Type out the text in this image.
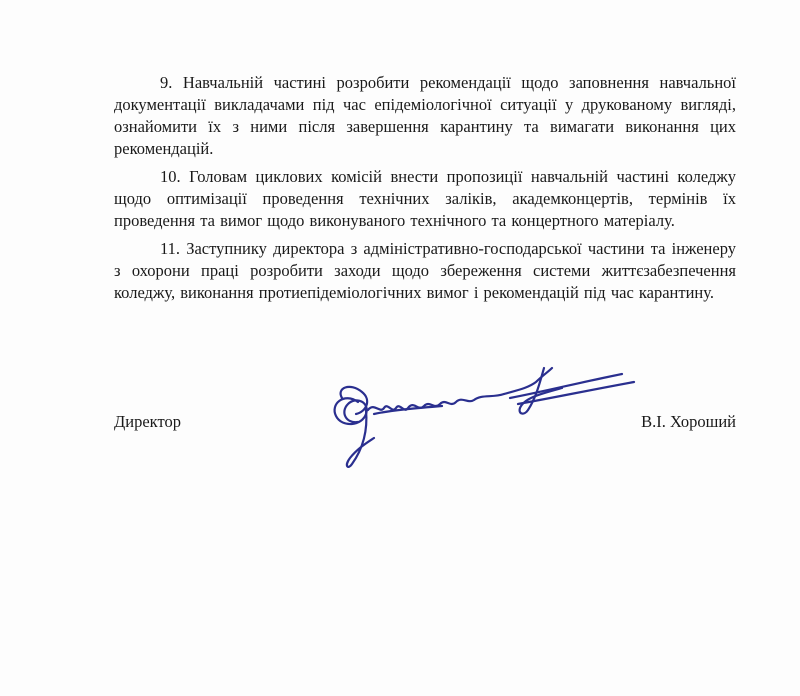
9. Навчальній частині розробити рекомендації щодо заповнення навчальної документації викладачами під час епідеміологічної ситуації у друкованому вигляді, ознайомити їх з ними після завершення карантину та вимагати виконання цих рекомендацій.

10. Головам циклових комісій внести пропозиції навчальній частині коледжу щодо оптимізації проведення технічних заліків, академконцертів, термінів їх проведення та вимог щодо виконуваного технічного та концертного матеріалу.

11. Заступнику директора з адміністративно-господарської частини та інженеру з охорони праці розробити заходи щодо збереження системи життєзабезпечення коледжу, виконання протиепідеміологічних вимог і рекомендацій під час карантину.

Директор	В.І. Хороший
